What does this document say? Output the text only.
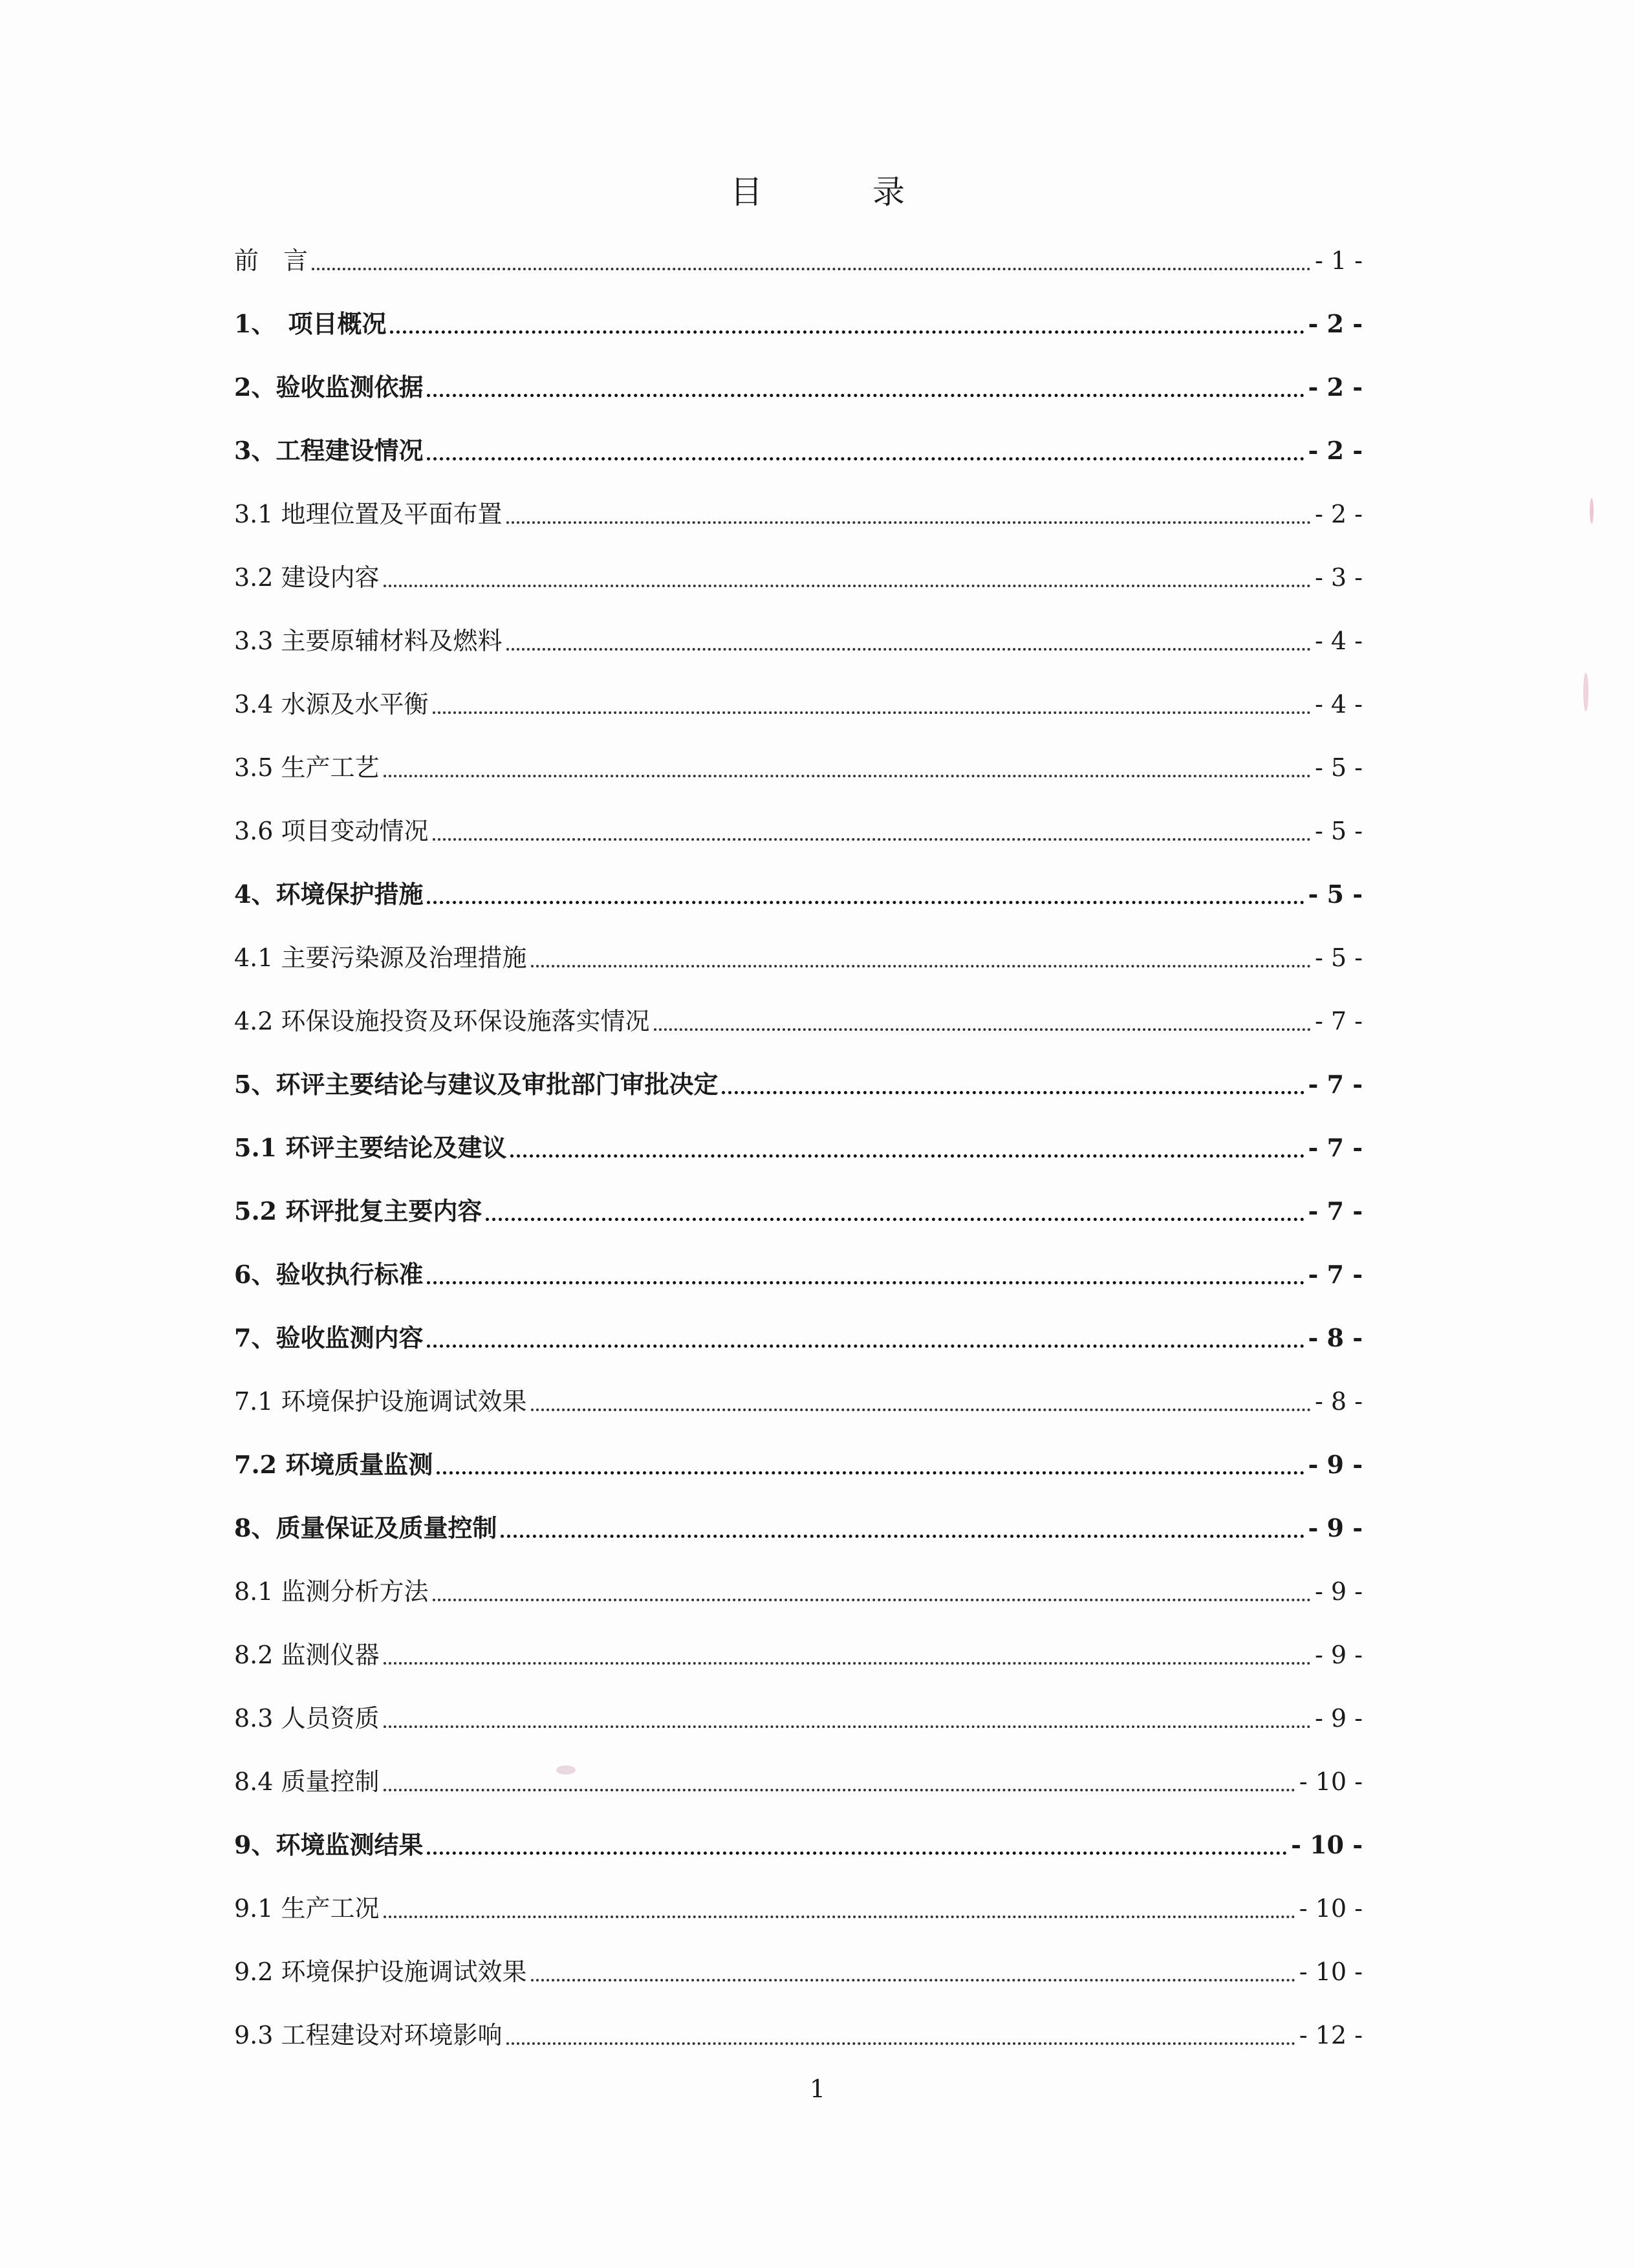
目　录
前　言	- 1 -
1、　项目概况	- 2 -
2、验收监测依据	- 2 -
3、工程建设情况	- 2 -
3.1 地理位置及平面布置	- 2 -
3.2 建设内容	- 3 -
3.3 主要原辅材料及燃料	- 4 -
3.4 水源及水平衡	- 4 -
3.5 生产工艺	- 5 -
3.6 项目变动情况	- 5 -
4、环境保护措施	- 5 -
4.1 主要污染源及治理措施	- 5 -
4.2 环保设施投资及环保设施落实情况	- 7 -
5、环评主要结论与建议及审批部门审批决定	- 7 -
5.1 环评主要结论及建议	- 7 -
5.2 环评批复主要内容	- 7 -
6、验收执行标准	- 7 -
7、验收监测内容	- 8 -
7.1 环境保护设施调试效果	- 8 -
7.2 环境质量监测	- 9 -
8、质量保证及质量控制	- 9 -
8.1 监测分析方法	- 9 -
8.2 监测仪器	- 9 -
8.3 人员资质	- 9 -
8.4 质量控制	- 10 -
9、环境监测结果	- 10 -
9.1 生产工况	- 10 -
9.2 环境保护设施调试效果	- 10 -
9.3 工程建设对环境影响	- 12 -
1
